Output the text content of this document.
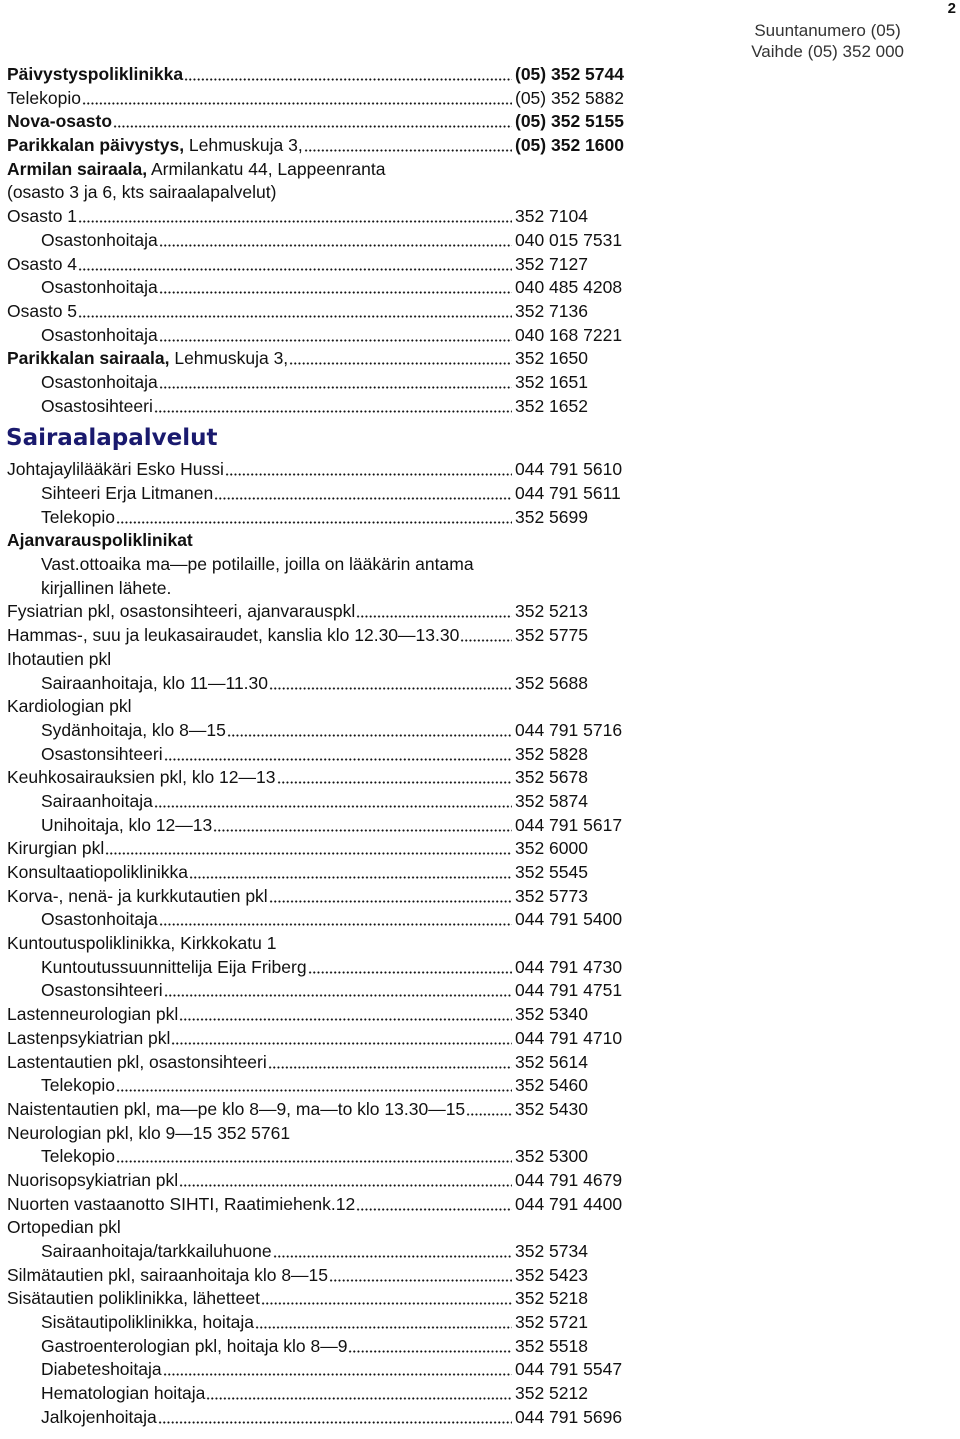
2
Suuntanumero (05)
Vaihde (05) 352 000
Päivystyspoliklinikka	(05) 352 5744
Telekopio	(05) 352 5882
Nova-osasto	(05) 352 5155
Parikkalan päivystys, Lehmuskuja 3,	(05) 352 1600
Armilan sairaala, Armilankatu 44, Lappeenranta
(osasto 3 ja 6, kts sairaalapalvelut)
Osasto 1	352 7104
Osastonhoitaja	040 015 7531
Osasto 4	352 7127
Osastonhoitaja	040 485 4208
Osasto 5	352 7136
Osastonhoitaja	040 168 7221
Parikkalan sairaala, Lehmuskuja 3,	352 1650
Osastonhoitaja	352 1651
Osastosihteeri	352 1652
Sairaalapalvelut
Johtajaylilääkäri Esko Hussi	044 791 5610
Sihteeri Erja Litmanen	044 791 5611
Telekopio	352 5699
Ajanvarauspoliklinikat
Vast.ottoaika ma—pe potilaille, joilla on lääkärin antama
kirjallinen lähete.
Fysiatrian pkl, osastonsihteeri, ajanvarauspkl	352 5213
Hammas-, suu ja leukasairaudet, kanslia klo 12.30—13.30	352 5775
Ihotautien pkl
Sairaanhoitaja, klo 11—11.30	352 5688
Kardiologian pkl
Sydänhoitaja, klo 8—15	044 791 5716
Osastonsihteeri	352 5828
Keuhkosairauksien pkl, klo 12—13	352 5678
Sairaanhoitaja	352 5874
Unihoitaja, klo 12—13	044 791 5617
Kirurgian pkl	352 6000
Konsultaatiopoliklinikka	352 5545
Korva-, nenä- ja kurkkutautien pkl	352 5773
Osastonhoitaja	044 791 5400
Kuntoutuspoliklinikka, Kirkkokatu 1
Kuntoutussuunnittelija Eija Friberg	044 791 4730
Osastonsihteeri	044 791 4751
Lastenneurologian pkl	352 5340
Lastenpsykiatrian pkl	044 791 4710
Lastentautien pkl, osastonsihteeri	352 5614
Telekopio	352 5460
Naistentautien pkl, ma—pe klo 8—9, ma—to klo 13.30—15	352 5430
Neurologian pkl, klo 9—15 352 5761
Telekopio	352 5300
Nuorisopsykiatrian pkl	044 791 4679
Nuorten vastaanotto SIHTI, Raatimiehenk.12	044 791 4400
Ortopedian pkl
Sairaanhoitaja/tarkkailuhuone	352 5734
Silmätautien pkl, sairaanhoitaja klo 8—15	352 5423
Sisätautien poliklinikka, lähetteet	352 5218
Sisätautipoliklinikka, hoitaja	352 5721
Gastroenterologian pkl, hoitaja klo 8—9	352 5518
Diabeteshoitaja	044 791 5547
Hematologian hoitaja	352 5212
Jalkojenhoitaja	044 791 5696
